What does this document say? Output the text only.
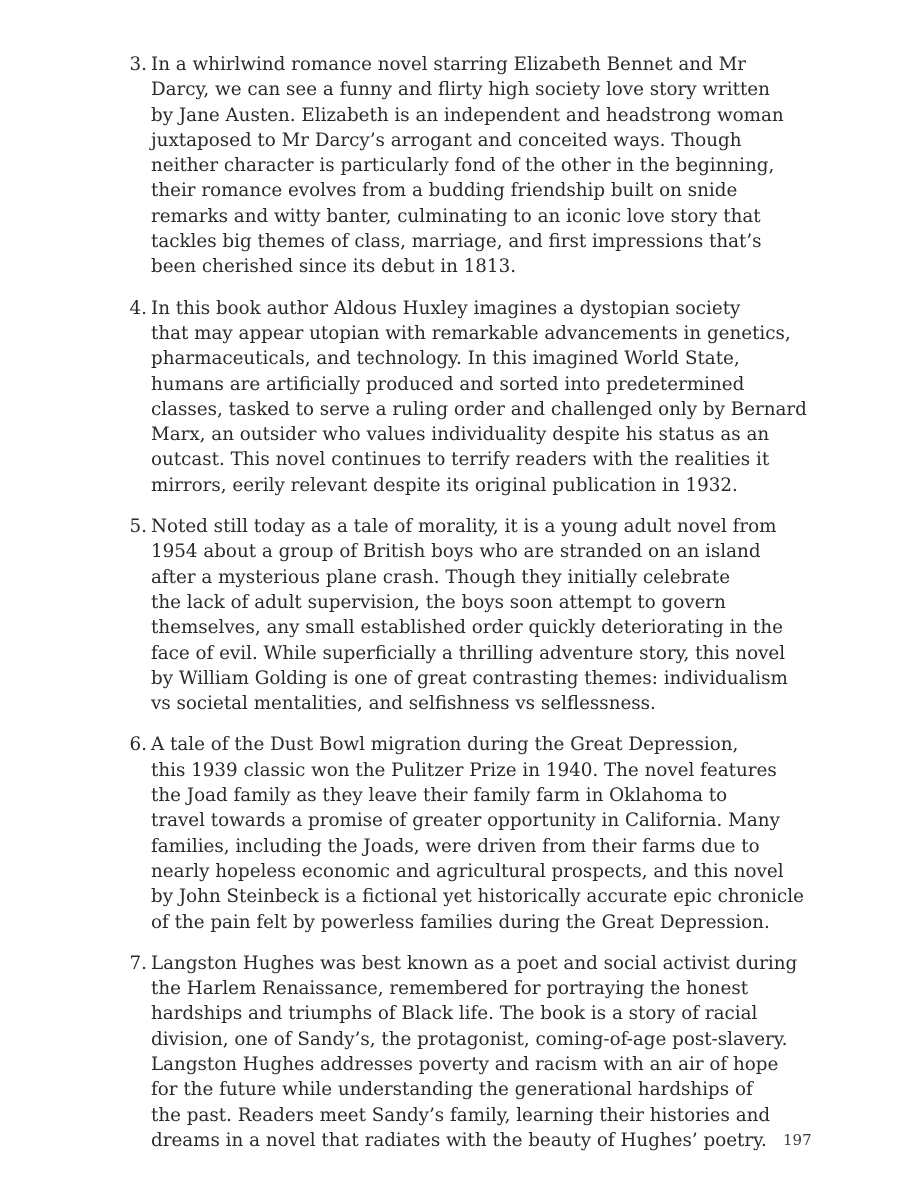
3. In a whirlwind romance novel starring Elizabeth Bennet and Mr
Darcy, we can see a funny and flirty high society love story written
by Jane Austen. Elizabeth is an independent and headstrong woman
juxtaposed to Mr Darcy’s arrogant and conceited ways. Though
neither character is particularly fond of the other in the beginning,
their romance evolves from a budding friendship built on snide
remarks and witty banter, culminating to an iconic love story that
tackles big themes of class, marriage, and first impressions that’s
been cherished since its debut in 1813.
4. In this book author Aldous Huxley imagines a dystopian society
that may appear utopian with remarkable advancements in genetics,
pharmaceuticals, and technology. In this imagined World State,
humans are artificially produced and sorted into predetermined
classes, tasked to serve a ruling order and challenged only by Bernard
Marx, an outsider who values individuality despite his status as an
outcast. This novel continues to terrify readers with the realities it
mirrors, eerily relevant despite its original publication in 1932.
5. Noted still today as a tale of morality, it is a young adult novel from
1954 about a group of British boys who are stranded on an island
after a mysterious plane crash. Though they initially celebrate
the lack of adult supervision, the boys soon attempt to govern
themselves, any small established order quickly deteriorating in the
face of evil. While superficially a thrilling adventure story, this novel
by William Golding is one of great contrasting themes: individualism
vs societal mentalities, and selfishness vs selflessness.
6. A tale of the Dust Bowl migration during the Great Depression,
this 1939 classic won the Pulitzer Prize in 1940. The novel features
the Joad family as they leave their family farm in Oklahoma to
travel towards a promise of greater opportunity in California. Many
families, including the Joads, were driven from their farms due to
nearly hopeless economic and agricultural prospects, and this novel
by John Steinbeck is a fictional yet historically accurate epic chronicle
of the pain felt by powerless families during the Great Depression.
7. Langston Hughes was best known as a poet and social activist during
the Harlem Renaissance, remembered for portraying the honest
hardships and triumphs of Black life. The book is a story of racial
division, one of Sandy’s, the protagonist, coming-of-age post-slavery.
Langston Hughes addresses poverty and racism with an air of hope
for the future while understanding the generational hardships of
the past. Readers meet Sandy’s family, learning their histories and
dreams in a novel that radiates with the beauty of Hughes’ poetry.	197
